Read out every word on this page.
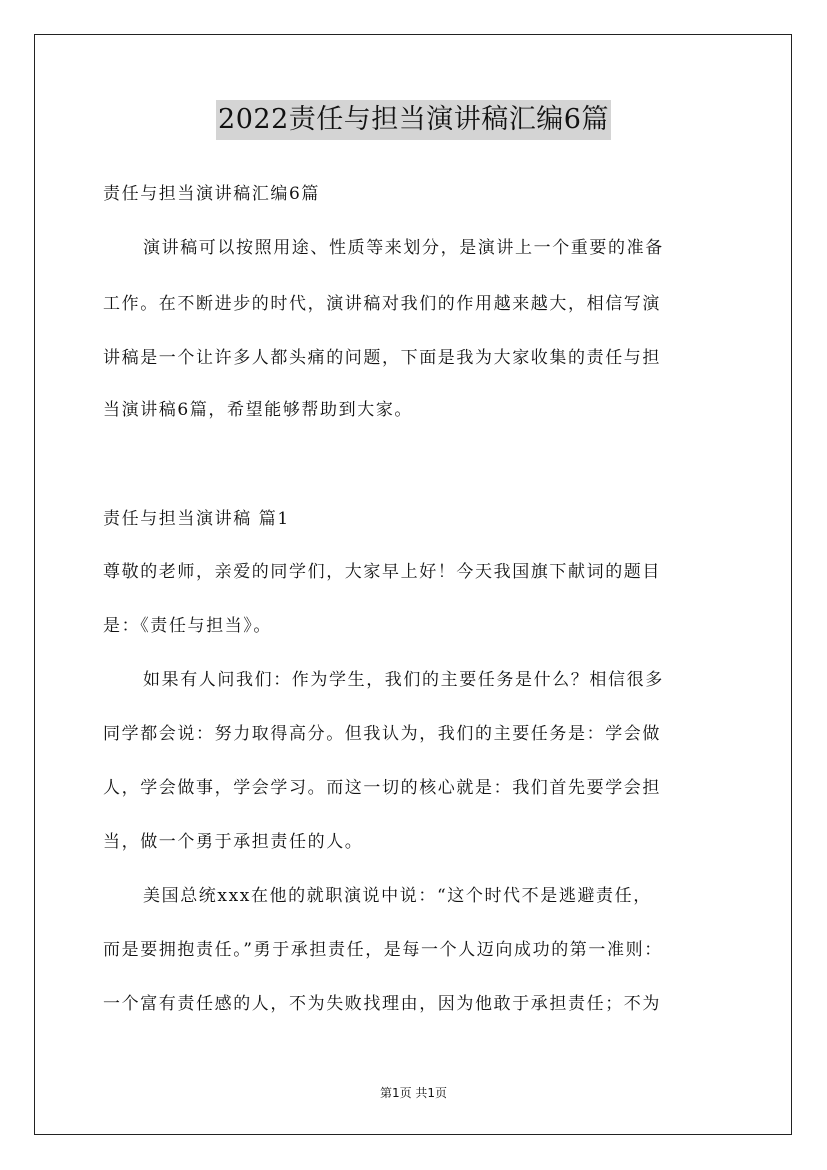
2022责任与担当演讲稿汇编6篇
责任与担当演讲稿汇编6篇
演讲稿可以按照用途、性质等来划分，是演讲上一个重要的准备
工作。在不断进步的时代，演讲稿对我们的作用越来越大，相信写演
讲稿是一个让许多人都头痛的问题，下面是我为大家收集的责任与担
当演讲稿6篇，希望能够帮助到大家。
责任与担当演讲稿 篇1
尊敬的老师，亲爱的同学们，大家早上好！今天我国旗下献词的题目
是：《责任与担当》。
如果有人问我们：作为学生，我们的主要任务是什么？相信很多
同学都会说：努力取得高分。但我认为，我们的主要任务是：学会做
人，学会做事，学会学习。而这一切的核心就是：我们首先要学会担
当，做一个勇于承担责任的人。
美国总统xxx在他的就职演说中说：“这个时代不是逃避责任，
而是要拥抱责任。”勇于承担责任，是每一个人迈向成功的第一准则：
一个富有责任感的人，不为失败找理由，因为他敢于承担责任；不为
第1页 共1页
